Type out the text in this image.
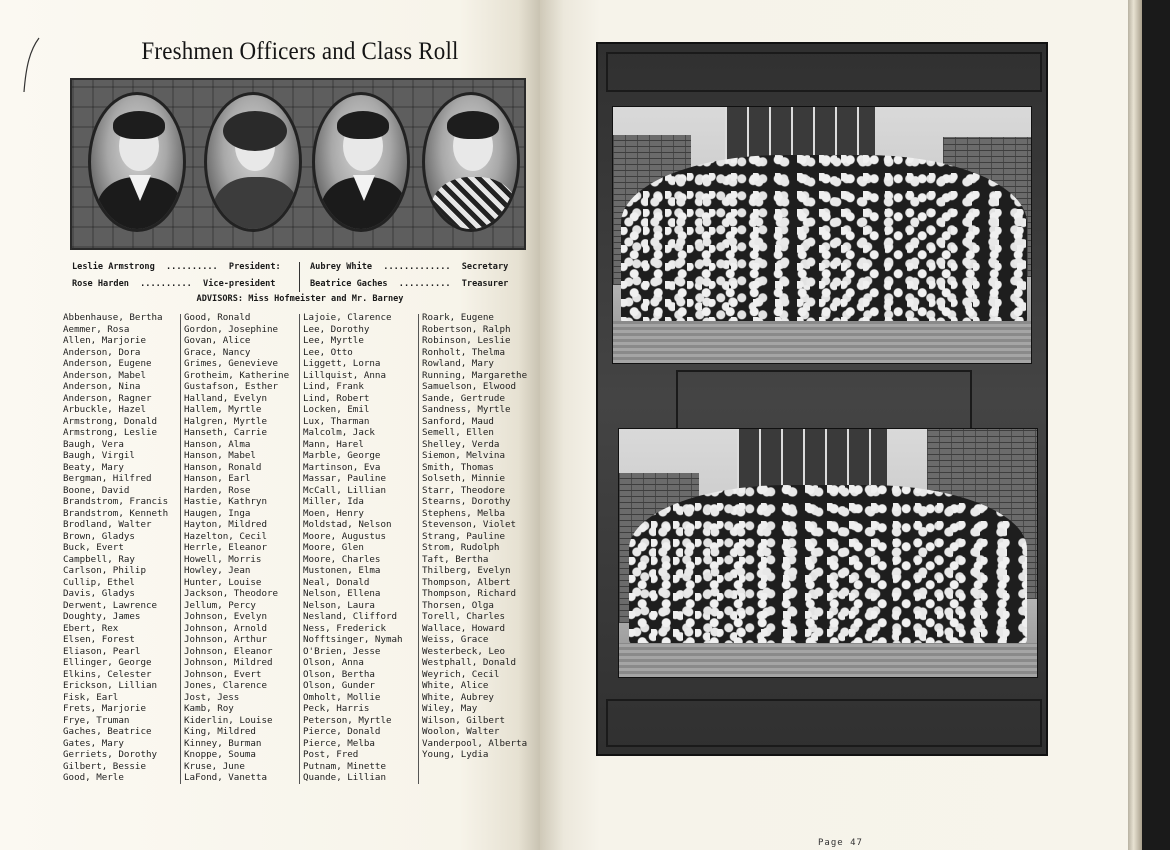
Freshmen Officers and Class Roll
Leslie Armstrong .......... President:
Rose Harden .......... Vice-president
Aubrey White ............. Secretary
Beatrice Gaches .......... Treasurer
ADVISORS: Miss Hofmeister and Mr. Barney
Abbenhause, Bertha
Aemmer, Rosa
Allen, Marjorie
Anderson, Dora
Anderson, Eugene
Anderson, Mabel
Anderson, Nina
Anderson, Ragner
Arbuckle, Hazel
Armstrong, Donald
Armstrong, Leslie
Baugh, Vera
Baugh, Virgil
Beaty, Mary
Bergman, Hilfred
Boone, David
Brandstrom, Francis
Brandstrom, Kenneth
Brodland, Walter
Brown, Gladys
Buck, Evert
Campbell, Ray
Carlson, Philip
Cullip, Ethel
Davis, Gladys
Derwent, Lawrence
Doughty, James
Ebert, Rex
Elsen, Forest
Eliason, Pearl
Ellinger, George
Elkins, Celester
Erickson, Lillian
Fisk, Earl
Frets, Marjorie
Frye, Truman
Gaches, Beatrice
Gates, Mary
Gerriets, Dorothy
Gilbert, Bessie
Good, Merle
Good, Ronald
Gordon, Josephine
Govan, Alice
Grace, Nancy
Grimes, Genevieve
Grotheim, Katherine
Gustafson, Esther
Halland, Evelyn
Hallem, Myrtle
Halgren, Myrtle
Hanseth, Carrie
Hanson, Alma
Hanson, Mabel
Hanson, Ronald
Hanson, Earl
Harden, Rose
Hastie, Kathryn
Haugen, Inga
Hayton, Mildred
Hazelton, Cecil
Herrle, Eleanor
Howell, Morris
Howley, Jean
Hunter, Louise
Jackson, Theodore
Jellum, Percy
Johnson, Evelyn
Johnson, Arnold
Johnson, Arthur
Johnson, Eleanor
Johnson, Mildred
Johnson, Evert
Jones, Clarence
Jost, Jess
Kamb, Roy
Kiderlin, Louise
King, Mildred
Kinney, Burman
Knoppe, Souma
Kruse, June
LaFond, Vanetta
Lajoie, Clarence
Lee, Dorothy
Lee, Myrtle
Lee, Otto
Liggett, Lorna
Lillquist, Anna
Lind, Frank
Lind, Robert
Locken, Emil
Lux, Tharman
Malcolm, Jack
Mann, Harel
Marble, George
Martinson, Eva
Massar, Pauline
McCall, Lillian
Miller, Ida
Moen, Henry
Moldstad, Nelson
Moore, Augustus
Moore, Glen
Moore, Charles
Mustonen, Elma
Neal, Donald
Nelson, Ellena
Nelson, Laura
Nesland, Clifford
Ness, Frederick
Nofftsinger, Nymah
O'Brien, Jesse
Olson, Anna
Olson, Bertha
Olson, Gunder
Omholt, Mollie
Peck, Harris
Peterson, Myrtle
Pierce, Donald
Pierce, Melba
Post, Fred
Putnam, Minette
Quande, Lillian
Roark, Eugene
Robertson, Ralph
Robinson, Leslie
Ronholt, Thelma
Rowland, Mary
Running, Margarethe
Samuelson, Elwood
Sande, Gertrude
Sandness, Myrtle
Sanford, Maud
Semell, Ellen
Shelley, Verda
Siemon, Melvina
Smith, Thomas
Solseth, Minnie
Starr, Theodore
Stearns, Dorothy
Stephens, Melba
Stevenson, Violet
Strang, Pauline
Strom, Rudolph
Taft, Bertha
Thilberg, Evelyn
Thompson, Albert
Thompson, Richard
Thorsen, Olga
Torell, Charles
Wallace, Howard
Weiss, Grace
Westerbeck, Leo
Westphall, Donald
Weyrich, Cecil
White, Alice
White, Aubrey
Wiley, May
Wilson, Gilbert
Woolon, Walter
Vanderpool, Alberta
Young, Lydia
Page 47
